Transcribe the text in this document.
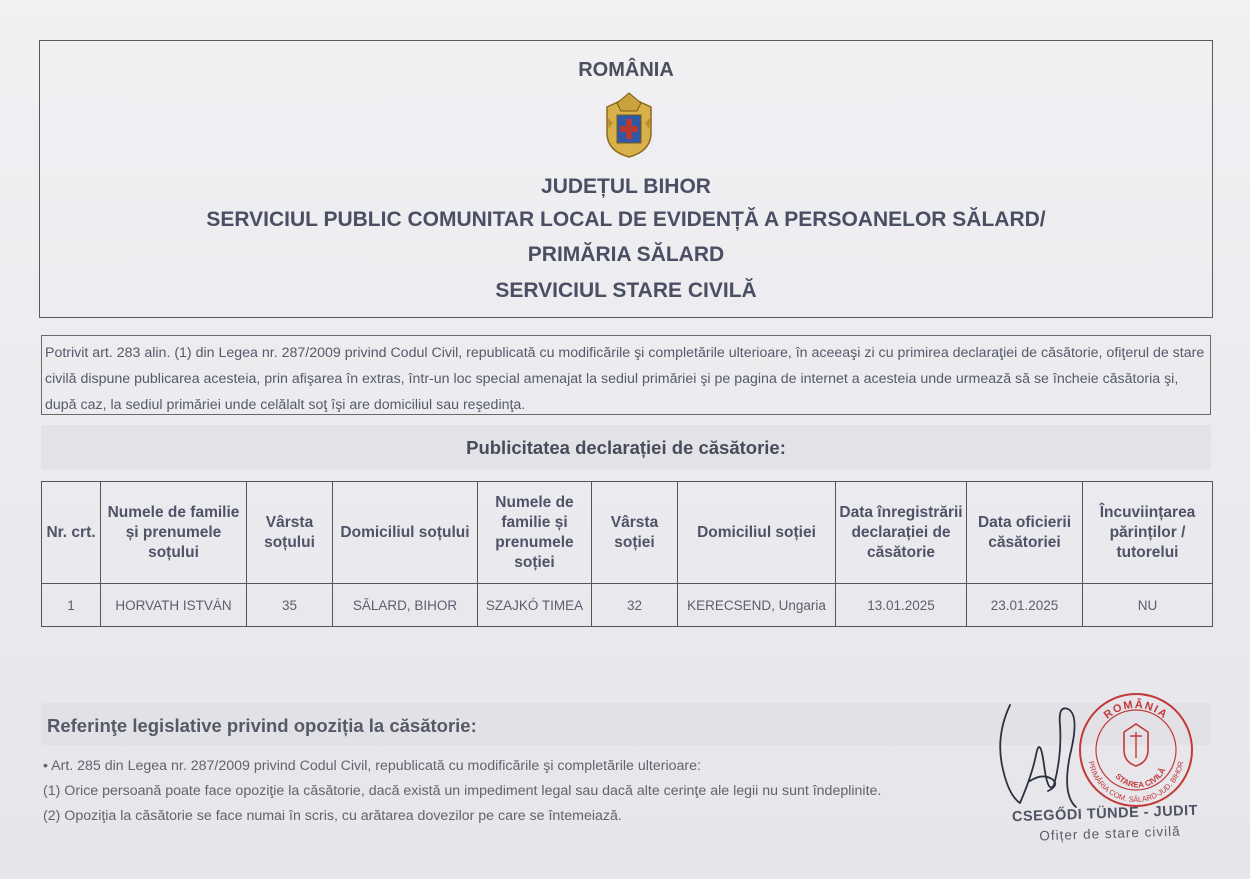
ROMÂNIA
JUDEȚUL BIHOR
SERVICIUL PUBLIC COMUNITAR LOCAL DE EVIDENȚĂ A PERSOANELOR SĂLARD/
PRIMĂRIA SĂLARD
SERVICIUL STARE CIVILĂ
Potrivit art. 283 alin. (1) din Legea nr. 287/2009 privind Codul Civil, republicată cu modificările şi completările ulterioare, în aceeaşi zi cu primirea declaraţiei de căsătorie, ofiţerul de stare civilă dispune publicarea acesteia, prin afişarea în extras, într-un loc special amenajat la sediul primăriei şi pe pagina de internet a acesteia unde urmează să se încheie căsătoria şi, după caz, la sediul primăriei unde celălalt soţ îşi are domiciliul sau reşedinţa.
Publicitatea declarației de căsătorie:
Nr. crt.	Numele de familie și prenumele soțului	Vârsta soțului	Domiciliul soțului	Numele de familie și prenumele soției	Vârsta soției	Domiciliul soției	Data înregistrării declarației de căsătorie	Data oficierii căsătoriei	Încuviințarea părinților / tutorelui
1	HORVATH ISTVÁN	35	SĂLARD, BIHOR	SZAJKÓ TIMEA	32	KERECSEND, Ungaria	13.01.2025	23.01.2025	NU
Referinţe legislative privind opoziția la căsătorie:
• Art. 285 din Legea nr. 287/2009 privind Codul Civil, republicată cu modificările şi completările ulterioare:
(1) Orice persoană poate face opoziţie la căsătorie, dacă există un impediment legal sau dacă alte cerinţe ale legii nu sunt îndeplinite.
(2) Opoziţia la căsătorie se face numai în scris, cu arătarea dovezilor pe care se întemeiază.
ROMÂNIA
PRIMĂRIA COM. SĂLARD-JUD. BIHOR
STAREA CIVILĂ
CSEGŐDI TÜNDE - JUDIT
Ofițer de stare civilă
